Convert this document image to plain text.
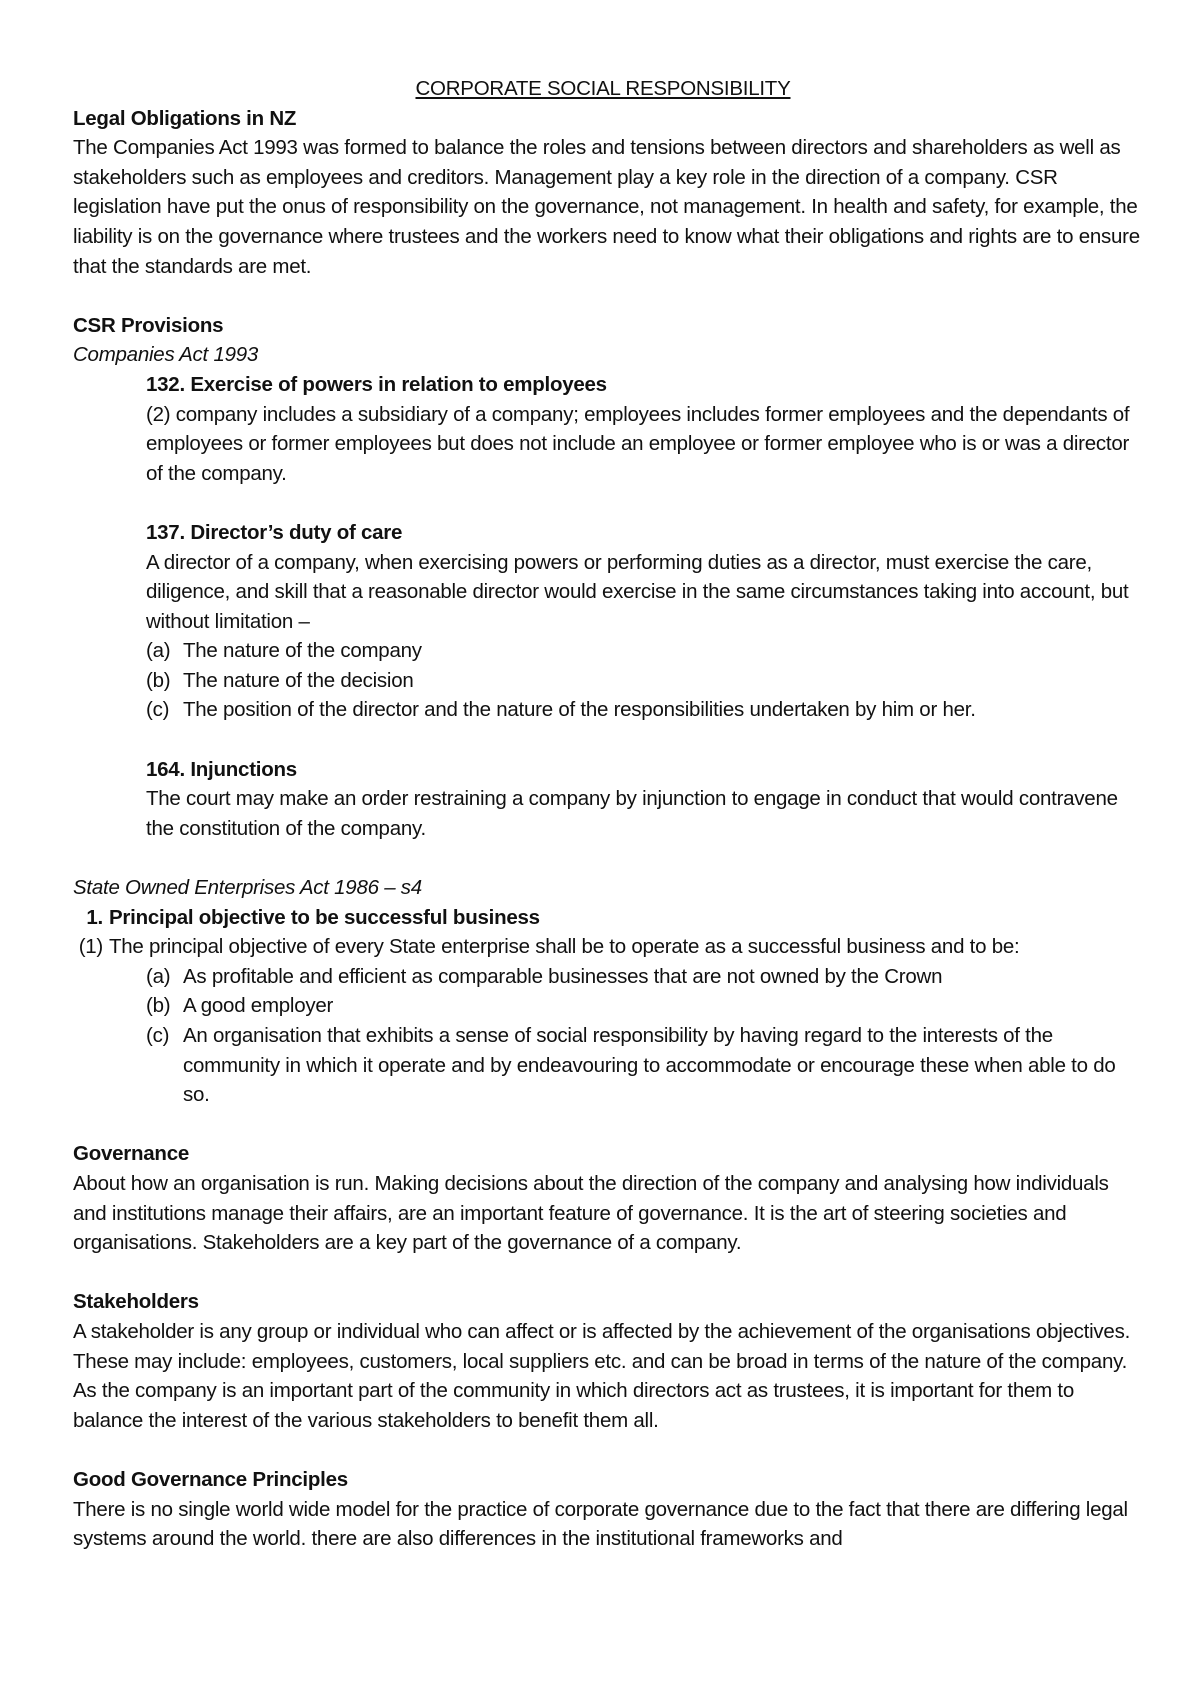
CORPORATE SOCIAL RESPONSIBILITY

Legal Obligations in NZ

The Companies Act 1993 was formed to balance the roles and tensions between directors and shareholders as well as stakeholders such as employees and creditors. Management play a key role in the direction of a company. CSR legislation have put the onus of responsibility on the governance, not management. In health and safety, for example, the liability is on the governance where trustees and the workers need to know what their obligations and rights are to ensure that the standards are met.

CSR Provisions

Companies Act 1993

132. Exercise of powers in relation to employees

(2) company includes a subsidiary of a company; employees includes former employees and the dependants of employees or former employees but does not include an employee or former employee who is or was a director of the company.

137. Director’s duty of care

A director of a company, when exercising powers or performing duties as a director, must exercise the care, diligence, and skill that a reasonable director would exercise in the same circumstances taking into account, but without limitation –

(a) The nature of the company
(b) The nature of the decision
(c) The position of the director and the nature of the responsibilities undertaken by him or her.

164. Injunctions

The court may make an order restraining a company by injunction to engage in conduct that would contravene the constitution of the company.

State Owned Enterprises Act 1986 – s4

1. Principal objective to be successful business
(1) The principal objective of every State enterprise shall be to operate as a successful business and to be:
(a) As profitable and efficient as comparable businesses that are not owned by the Crown
(b) A good employer
(c) An organisation that exhibits a sense of social responsibility by having regard to the interests of the community in which it operate and by endeavouring to accommodate or encourage these when able to do so.

Governance

About how an organisation is run. Making decisions about the direction of the company and analysing how individuals and institutions manage their affairs, are an important feature of governance. It is the art of steering societies and organisations. Stakeholders are a key part of the governance of a company.

Stakeholders

A stakeholder is any group or individual who can affect or is affected by the achievement of the organisations objectives. These may include: employees, customers, local suppliers etc. and can be broad in terms of the nature of the company. As the company is an important part of the community in which directors act as trustees, it is important for them to balance the interest of the various stakeholders to benefit them all.

Good Governance Principles

There is no single world wide model for the practice of corporate governance due to the fact that there are differing legal systems around the world. there are also differences in the institutional frameworks and
